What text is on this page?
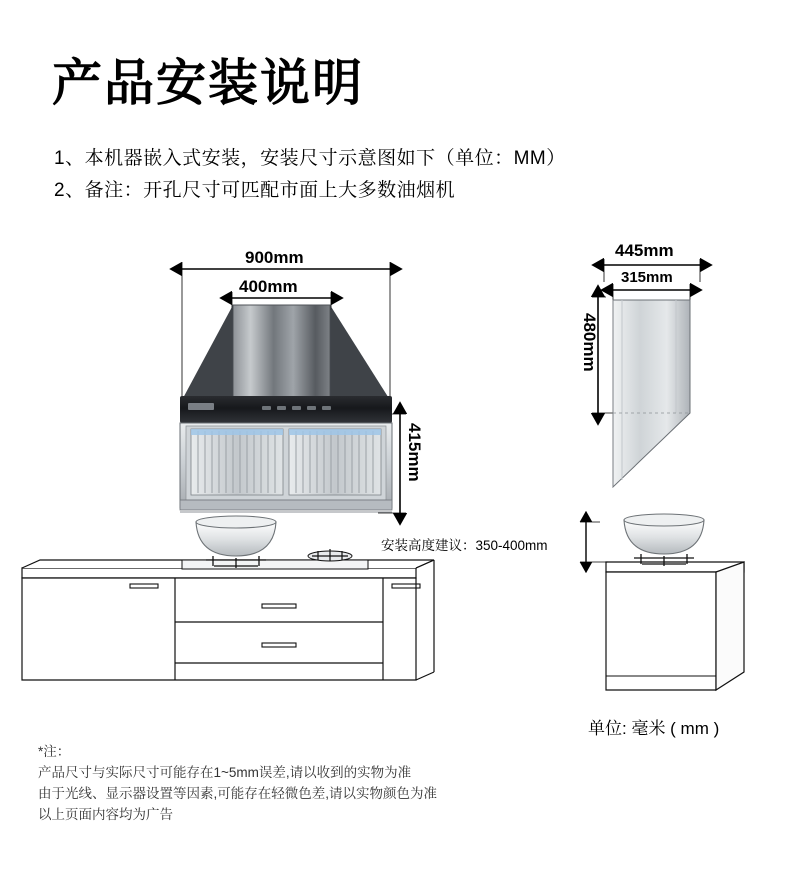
产品安装说明
1、本机器嵌入式安装，安装尺寸示意图如下（单位：MM）
2、备注：开孔尺寸可匹配市面上大多数油烟机
900mm
400mm
415mm
445mm
315mm
480mm
安装高度建议：350-400mm
单位: 毫米 ( mm )
*注：
产品尺寸与实际尺寸可能存在1~5mm误差,请以收到的实物为准
由于光线、显示器设置等因素,可能存在轻微色差,请以实物颜色为准
以上页面内容均为广告
